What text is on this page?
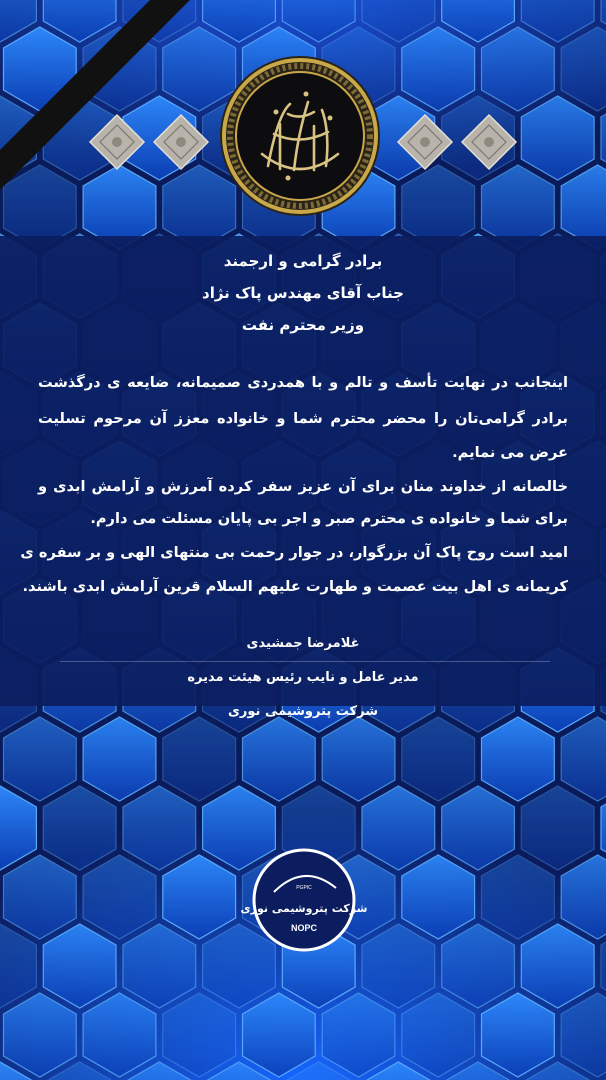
برادر گرامی و ارجمند
جناب آقای مهندس پاک نژاد
وزیر محترم نفت
اینجانب در نهایت تأسف و تالم و با همدردی صمیمانه، ضایعه ی درگذشت
برادر گرامی‌تان را محضر محترم شما و خانواده معزز آن مرحوم تسلیت
عرض می نمایم.
خالصانه از خداوند منان برای آن عزیز سفر کرده آمرزش و آرامش ابدی و
برای شما و خانواده ی محترم صبر و اجر بی پایان مسئلت می دارم.
امید است روح پاک آن بزرگوار، در جوار رحمت بی منتهای الهی و بر سفره ی
کریمانه ی اهل بیت عصمت و طهارت علیهم السلام قرین آرامش ابدی باشند.
غلامرضا جمشیدی
مدیر عامل و نایب رئیس هیئت مدیره
شرکت پتروشیمی نوری
PGPIC
شرکت پتروشیمی نوری
NOPC
